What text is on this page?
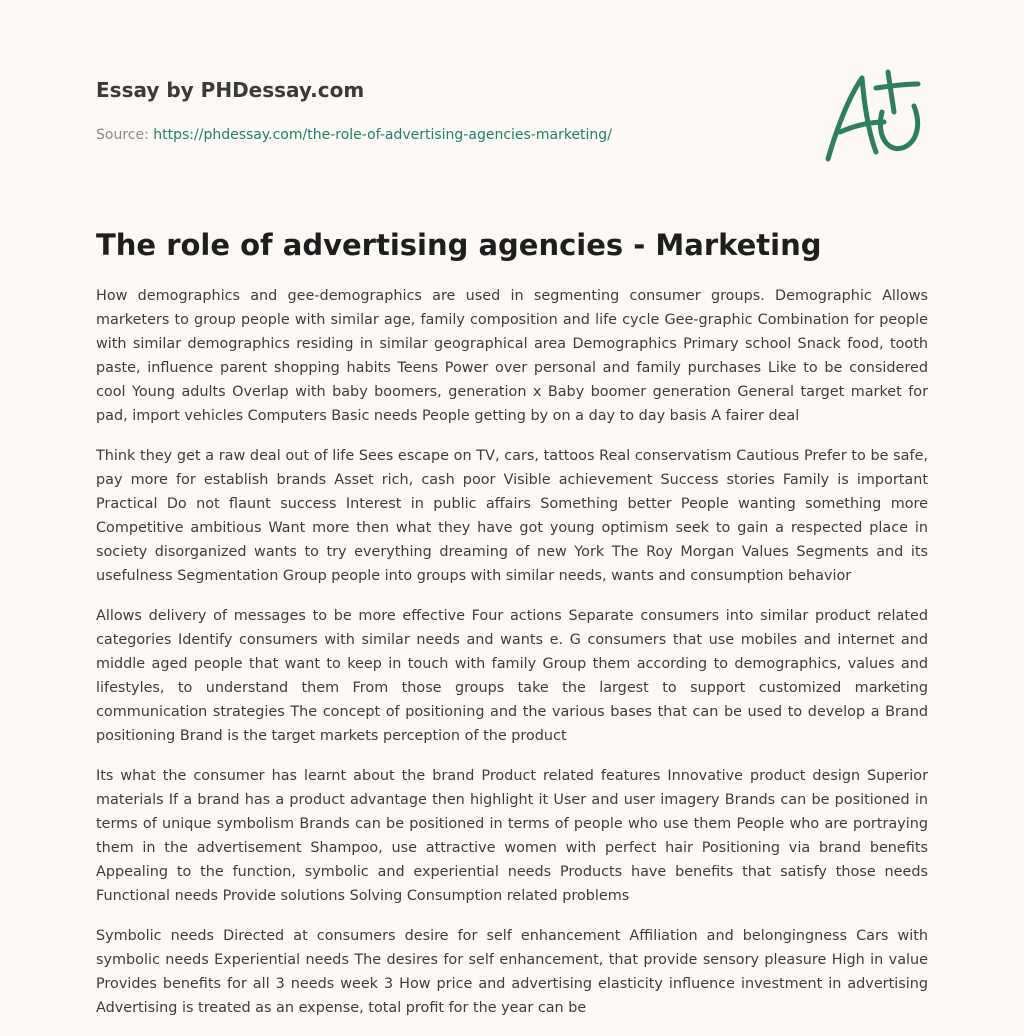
Essay by PHDessay.com
Source: https://phdessay.com/the-role-of-advertising-agencies-marketing/
The role of advertising agencies - Marketing

How demographics and gee-demographics are used in segmenting consumer groups. Demographic Allows marketers to group people with similar age, family composition and life cycle Gee-graphic Combination for people with similar demographics residing in similar geographical area Demographics Primary school Snack food, tooth paste, influence parent shopping habits Teens Power over personal and family purchases Like to be considered cool Young adults Overlap with baby boomers, generation x Baby boomer generation General target market for pad, import vehicles Computers Basic needs People getting by on a day to day basis A fairer deal

Think they get a raw deal out of life Sees escape on TV, cars, tattoos Real conservatism Cautious Prefer to be safe, pay more for establish brands Asset rich, cash poor Visible achievement Success stories Family is important Practical Do not flaunt success Interest in public affairs Something better People wanting something more Competitive ambitious Want more then what they have got young optimism seek to gain a respected place in society disorganized wants to try everything dreaming of new York The Roy Morgan Values Segments and its usefulness Segmentation Group people into groups with similar needs, wants and consumption behavior

Allows delivery of messages to be more effective Four actions Separate consumers into similar product related categories Identify consumers with similar needs and wants e. G consumers that use mobiles and internet and middle aged people that want to keep in touch with family Group them according to demographics, values and lifestyles, to understand them From those groups take the largest to support customized marketing communication strategies The concept of positioning and the various bases that can be used to develop a Brand positioning Brand is the target markets perception of the product

Its what the consumer has learnt about the brand Product related features Innovative product design Superior materials If a brand has a product advantage then highlight it User and user imagery Brands can be positioned in terms of unique symbolism Brands can be positioned in terms of people who use them People who are portraying them in the advertisement Shampoo, use attractive women with perfect hair Positioning via brand benefits Appealing to the function, symbolic and experiential needs Products have benefits that satisfy those needs Functional needs Provide solutions Solving Consumption related problems

Symbolic needs Directed at consumers desire for self enhancement Affiliation and belongingness Cars with symbolic needs Experiential needs The desires for self enhancement, that provide sensory pleasure High in value Provides benefits for all 3 needs week 3 How price and advertising elasticity influence investment in advertising Advertising is treated as an expense, total profit for the year can be
